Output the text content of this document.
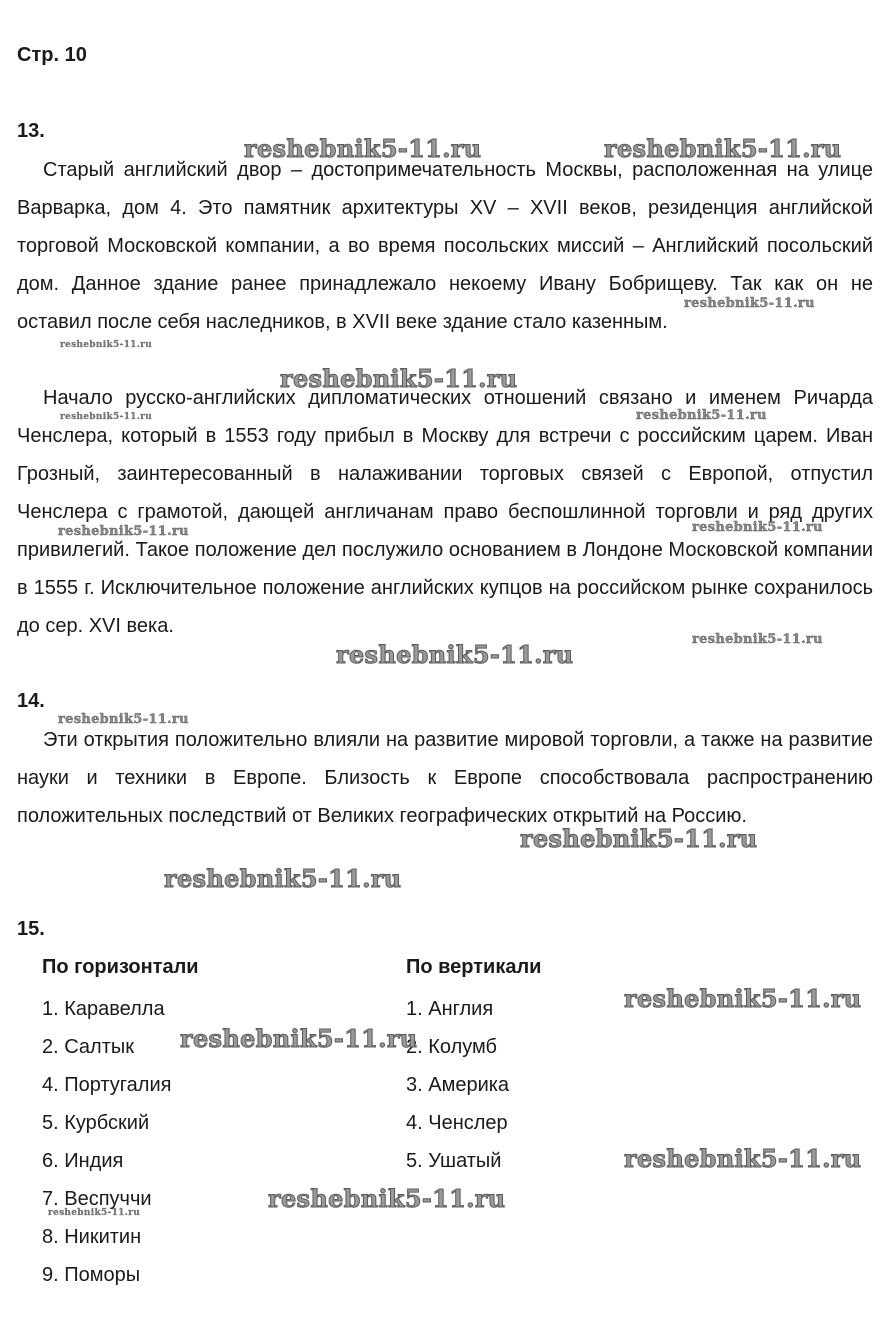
Стр. 10
13.

Старый английский двор – достопримечательность Москвы, расположенная на улице Варварка, дом 4. Это памятник архитектуры XV – XVII веков, резиденция английской торговой Московской компании, а во время посольских миссий – Английский посольский дом. Данное здание ранее принадлежало некоему Ивану Бобрищеву. Так как он не оставил после себя наследников, в XVII веке здание стало казенным.

Начало русско-английских дипломатических отношений связано и именем Ричарда Ченслера, который в 1553 году прибыл в Москву для встречи с российским царем. Иван Грозный, заинтересованный в налаживании торговых связей с Европой, отпустил Ченслера с грамотой, дающей англичанам право беспошлинной торговли и ряд других привилегий. Такое положение дел послужило основанием в Лондоне Московской компании в 1555 г. Исключительное положение английских купцов на российском рынке сохранилось до сер. XVI века.

14.

Эти открытия положительно влияли на развитие мировой торговли, а также на развитие науки и техники в Европе. Близость к Европе способствовала распространению положительных последствий от Великих географических открытий на Россию.

15.
По горизонтали
1. Каравелла
2. Салтык
4. Португалия
5. Курбский
6. Индия
7. Веспуччи
8. Никитин
9. Поморы
По вертикали
1. Англия
2. Колумб
3. Америка
4. Ченслер
5. Ушатый
reshebnik5-11.ru	reshebnik5-11.ru
reshebnik5-11.ru
reshebnik5-11.ru
reshebnik5-11.ru
reshebnik5-11.ru	reshebnik5-11.ru
reshebnik5-11.ru	reshebnik5-11.ru
reshebnik5-11.ru
reshebnik5-11.ru
reshebnik5-11.ru
reshebnik5-11.ru
reshebnik5-11.ru
reshebnik5-11.ru
reshebnik5-11.ru
reshebnik5-11.ru
reshebnik5-11.ru
reshebnik5-11.ru
